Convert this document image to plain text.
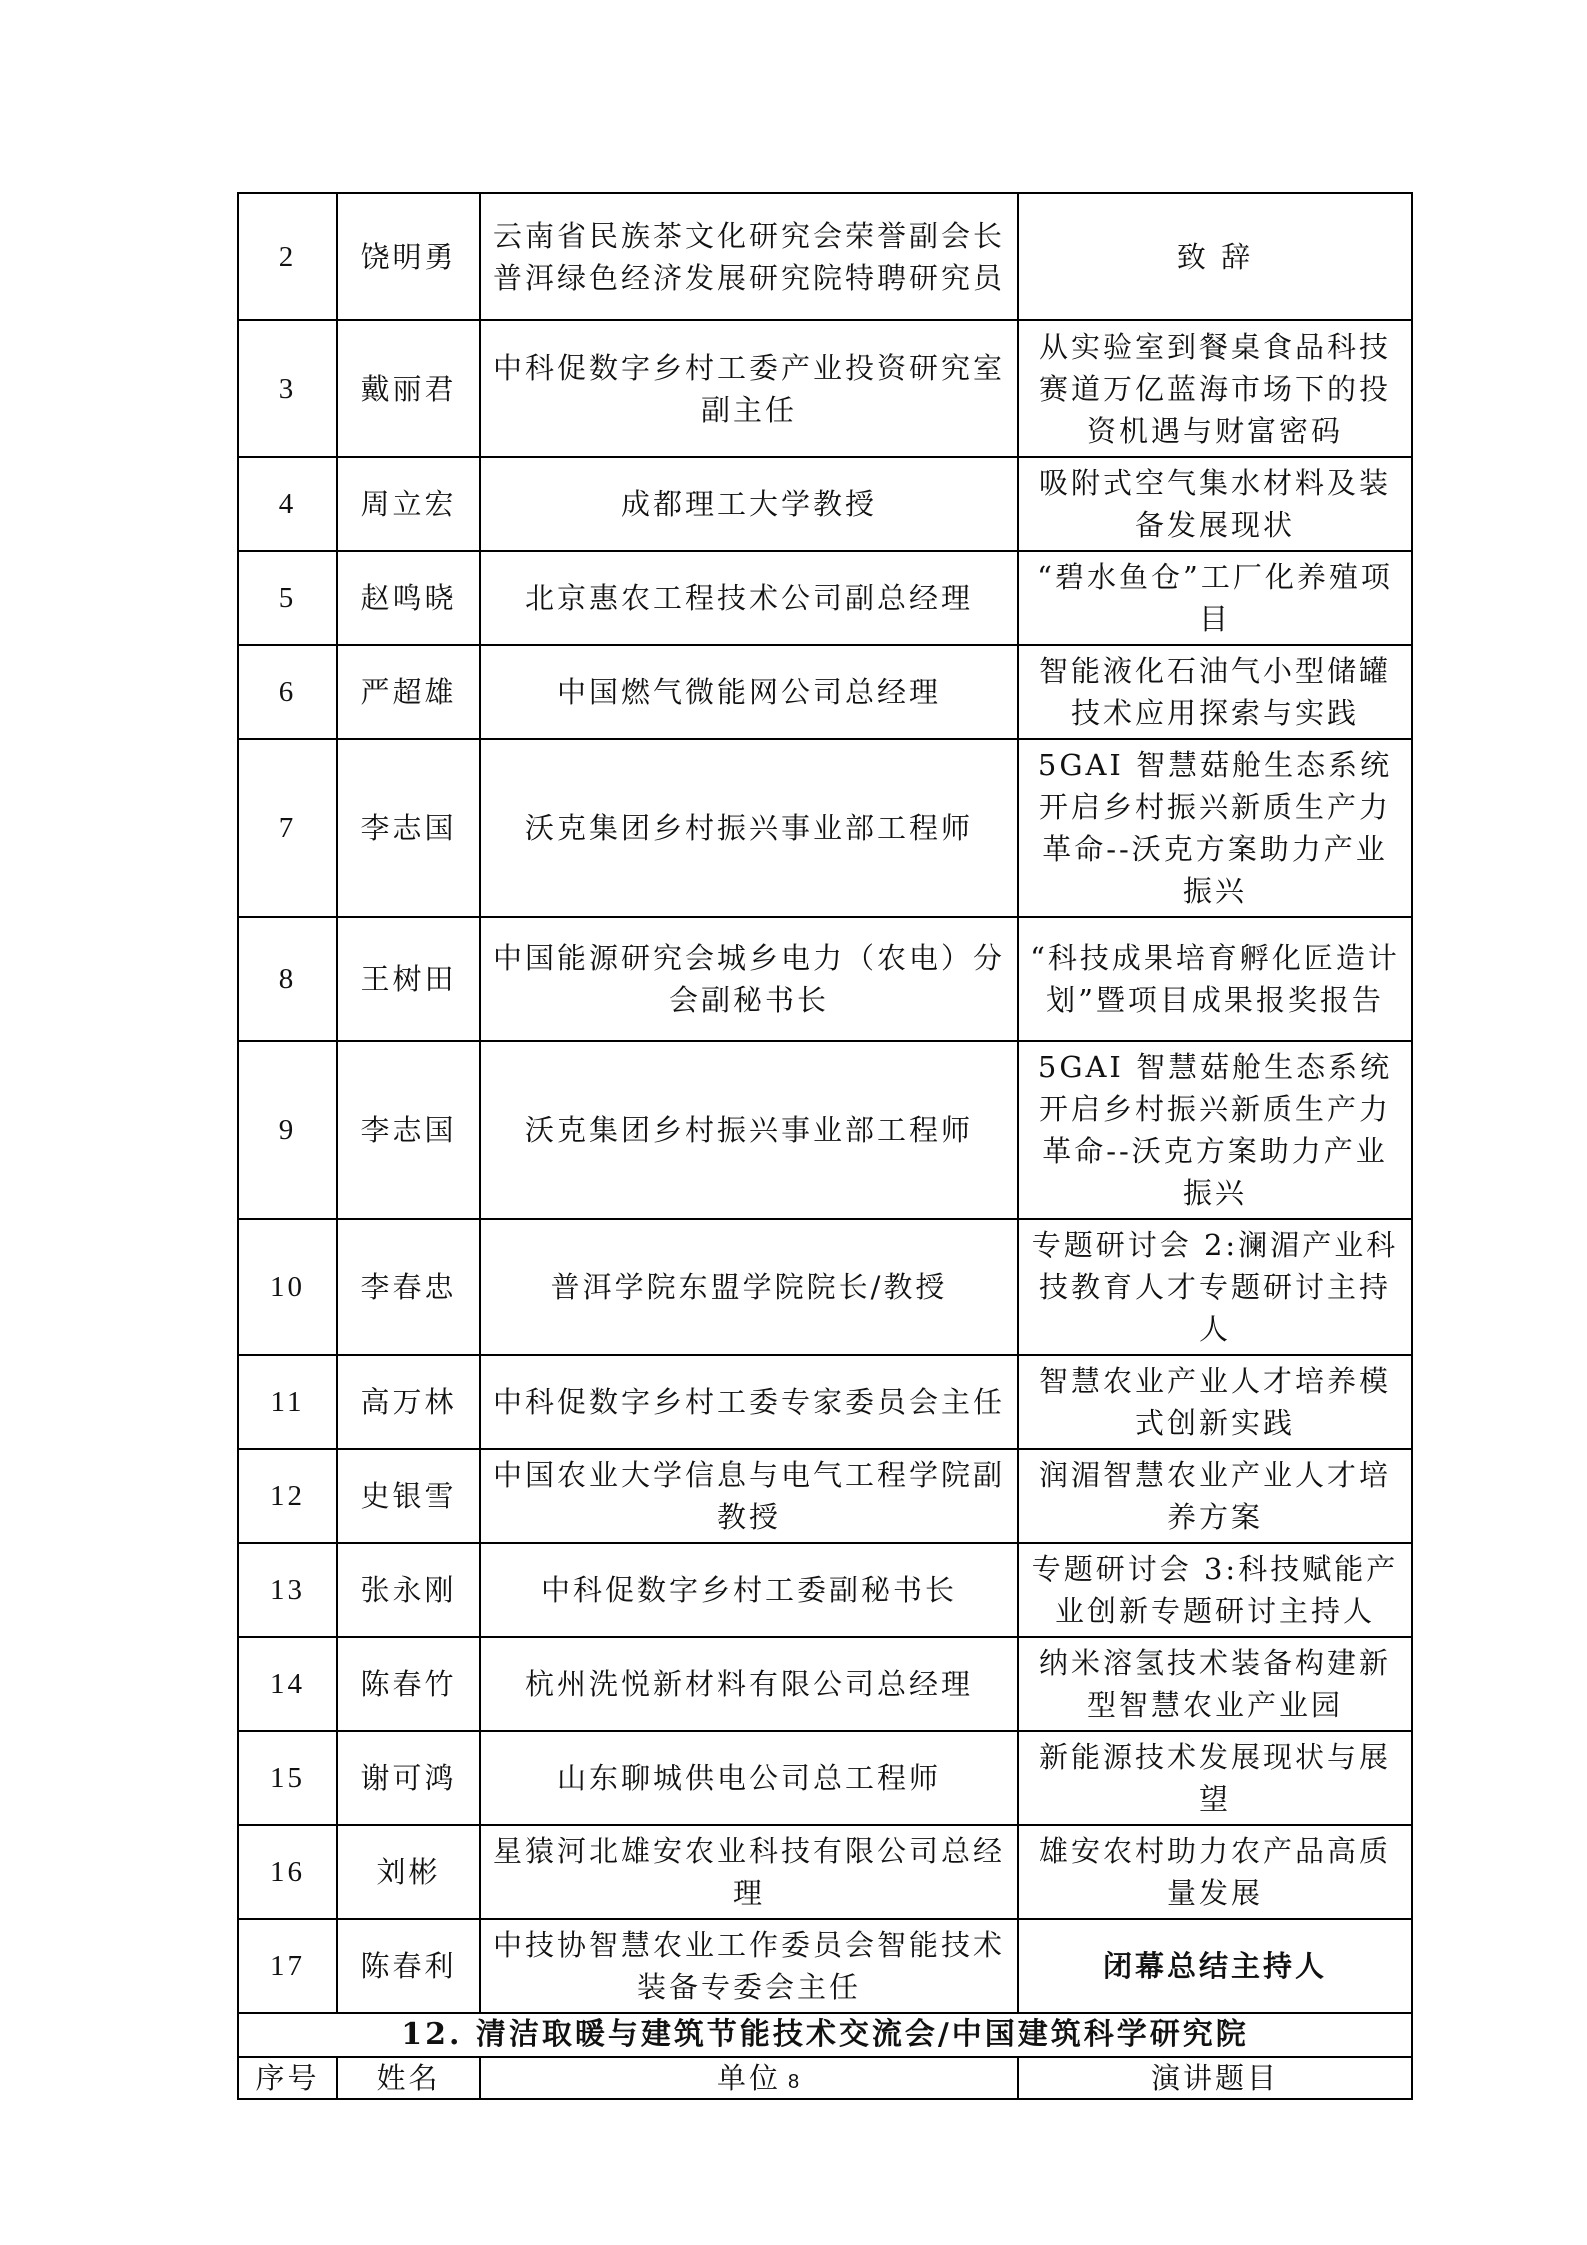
2	饶明勇	云南省民族茶文化研究会荣誉副会长普洱绿色经济发展研究院特聘研究员	致 辞
3	戴丽君	中科促数字乡村工委产业投资研究室副主任	从实验室到餐桌食品科技赛道万亿蓝海市场下的投资机遇与财富密码
4	周立宏	成都理工大学教授	吸附式空气集水材料及装备发展现状
5	赵鸣晓	北京惠农工程技术公司副总经理	“碧水鱼仓”工厂化养殖项目
6	严超雄	中国燃气微能网公司总经理	智能液化石油气小型储罐技术应用探索与实践
7	李志国	沃克集团乡村振兴事业部工程师	5GAI 智慧菇舱生态系统开启乡村振兴新质生产力革命--沃克方案助力产业振兴
8	王树田	中国能源研究会城乡电力（农电）分会副秘书长	“科技成果培育孵化匠造计划”暨项目成果报奖报告
9	李志国	沃克集团乡村振兴事业部工程师	5GAI 智慧菇舱生态系统开启乡村振兴新质生产力革命--沃克方案助力产业振兴
10	李春忠	普洱学院东盟学院院长/教授	专题研讨会 2:澜湄产业科技教育人才专题研讨主持人
11	高万林	中科促数字乡村工委专家委员会主任	智慧农业产业人才培养模式创新实践
12	史银雪	中国农业大学信息与电气工程学院副教授	润湄智慧农业产业人才培养方案
13	张永刚	中科促数字乡村工委副秘书长	专题研讨会 3:科技赋能产业创新专题研讨主持人
14	陈春竹	杭州洗悦新材料有限公司总经理	纳米溶氢技术装备构建新型智慧农业产业园
15	谢可鸿	山东聊城供电公司总工程师	新能源技术发展现状与展望
16	刘彬	星猿河北雄安农业科技有限公司总经理	雄安农村助力农产品高质量发展
17	陈春利	中技协智慧农业工作委员会智能技术装备专委会主任	闭幕总结主持人
12. 清洁取暖与建筑节能技术交流会/中国建筑科学研究院			
序号	姓名	单位	演讲题目
8
